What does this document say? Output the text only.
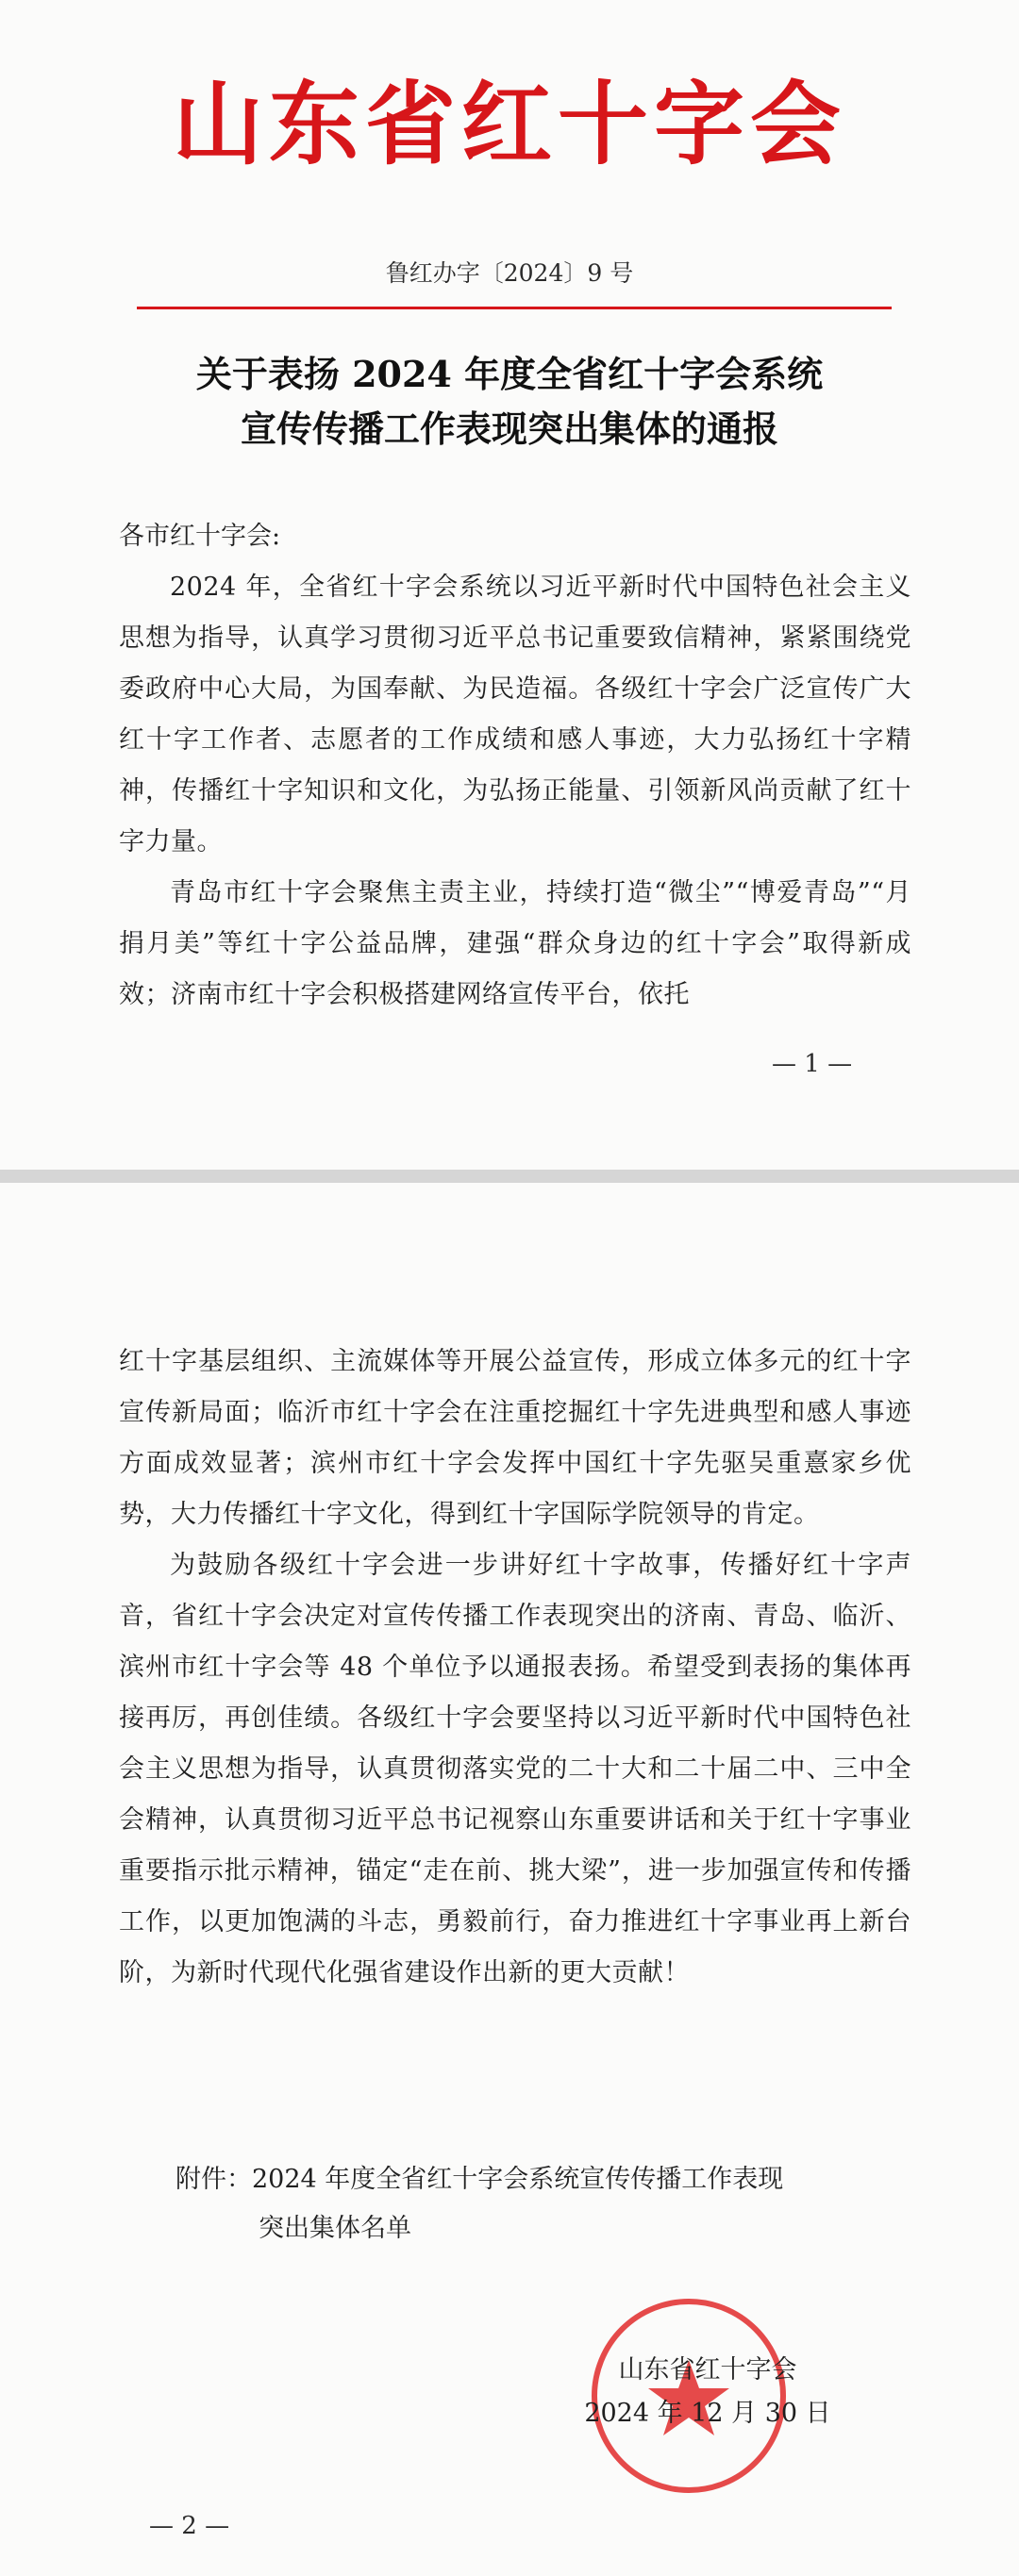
山东省红十字会
鲁红办字〔2024〕9 号
关于表扬 2024 年度全省红十字会系统
宣传传播工作表现突出集体的通报
各市红十字会:

2024 年，全省红十字会系统以习近平新时代中国特色社会主义思想为指导，认真学习贯彻习近平总书记重要致信精神，紧紧围绕党委政府中心大局，为国奉献、为民造福。各级红十字会广泛宣传广大红十字工作者、志愿者的工作成绩和感人事迹，大力弘扬红十字精神，传播红十字知识和文化，为弘扬正能量、引领新风尚贡献了红十字力量。

青岛市红十字会聚焦主责主业，持续打造“微尘”“博爱青岛”“月捐月美”等红十字公益品牌，建强“群众身边的红十字会”取得新成效；济南市红十字会积极搭建网络宣传平台，依托

— 1 —

红十字基层组织、主流媒体等开展公益宣传，形成立体多元的红十字宣传新局面；临沂市红十字会在注重挖掘红十字先进典型和感人事迹方面成效显著；滨州市红十字会发挥中国红十字先驱吴重憙家乡优势，大力传播红十字文化，得到红十字国际学院领导的肯定。

为鼓励各级红十字会进一步讲好红十字故事，传播好红十字声音，省红十字会决定对宣传传播工作表现突出的济南、青岛、临沂、滨州市红十字会等 48 个单位予以通报表扬。希望受到表扬的集体再接再厉，再创佳绩。各级红十字会要坚持以习近平新时代中国特色社会主义思想为指导，认真贯彻落实党的二十大和二十届二中、三中全会精神，认真贯彻习近平总书记视察山东重要讲话和关于红十字事业重要指示批示精神，锚定“走在前、挑大梁”，进一步加强宣传和传播工作，以更加饱满的斗志，勇毅前行，奋力推进红十字事业再上新台阶，为新时代现代化强省建设作出新的更大贡献！

附件：2024 年度全省红十字会系统宣传传播工作表现
突出集体名单
山东省红十字会
2024 年 12 月 30 日
— 2 —
